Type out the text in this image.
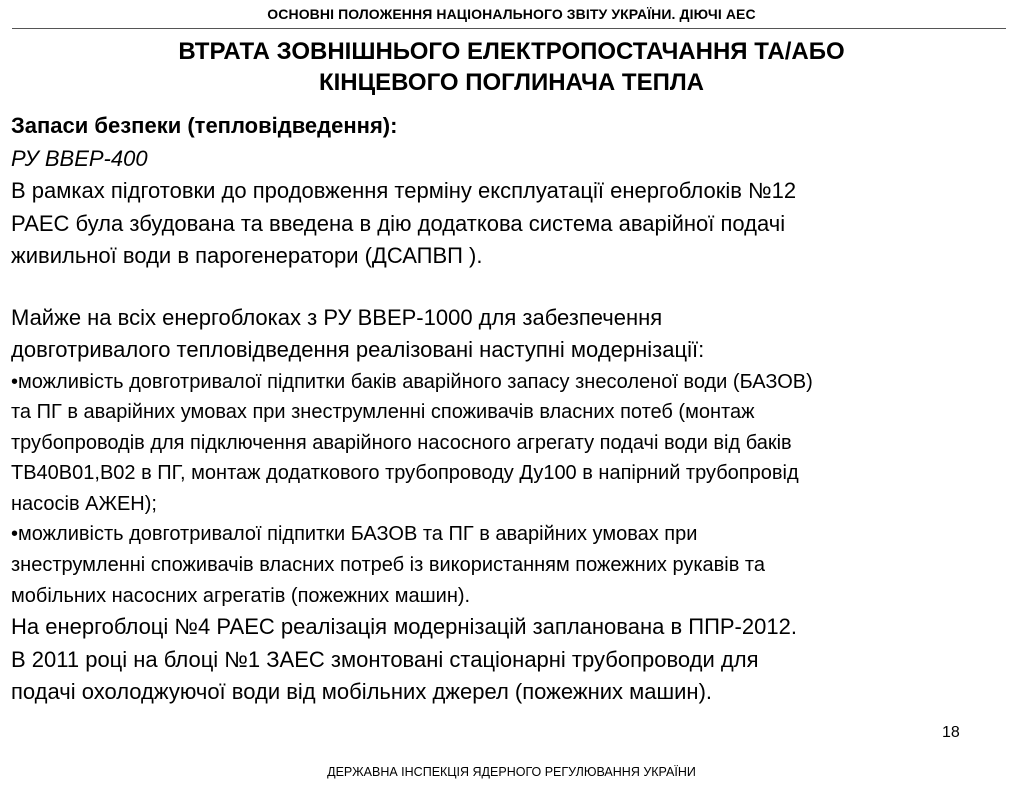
ОСНОВНІ ПОЛОЖЕННЯ НАЦІОНАЛЬНОГО ЗВІТУ УКРАЇНИ. ДІЮЧІ АЕС
ВТРАТА ЗОВНІШНЬОГО ЕЛЕКТРОПОСТАЧАННЯ ТА/АБО
КІНЦЕВОГО ПОГЛИНАЧА ТЕПЛА
Запаси безпеки (тепловідведення):
РУ ВВЕР-400
В рамках підготовки до продовження терміну експлуатації енергоблоків №12
РАЕС була збудована та введена в дію додаткова система аварійної подачі
живильної води в парогенератори (ДСАПВП ).
Майже на всіх енергоблоках з РУ ВВЕР-1000 для забезпечення
довготривалого тепловідведення реалізовані наступні модернізації:
•можливість довготривалої підпитки баків аварійного запасу знесоленої води (БАЗОВ)
та ПГ в аварійних умовах при знеструмленні споживачів власних потеб (монтаж
трубопроводів для підключення аварійного насосного агрегату подачі води від баків
ТВ40В01,В02 в ПГ, монтаж додаткового трубопроводу Ду100 в напірний трубопровід
насосів АЖЕН);
•можливість довготривалої підпитки БАЗОВ та ПГ в аварійних умовах при
знеструмленні споживачів власних потреб із використанням пожежних рукавів та
мобільних насосних агрегатів (пожежних машин).
На енергоблоці №4 РАЕС реалізація модернізацій запланована в ППР-2012.
В 2011 році на блоці №1 ЗАЕС змонтовані стаціонарні трубопроводи для
подачі охолоджуючої води від мобільних джерел (пожежних машин).
18
ДЕРЖАВНА ІНСПЕКЦІЯ ЯДЕРНОГО РЕГУЛЮВАННЯ УКРАЇНИ
